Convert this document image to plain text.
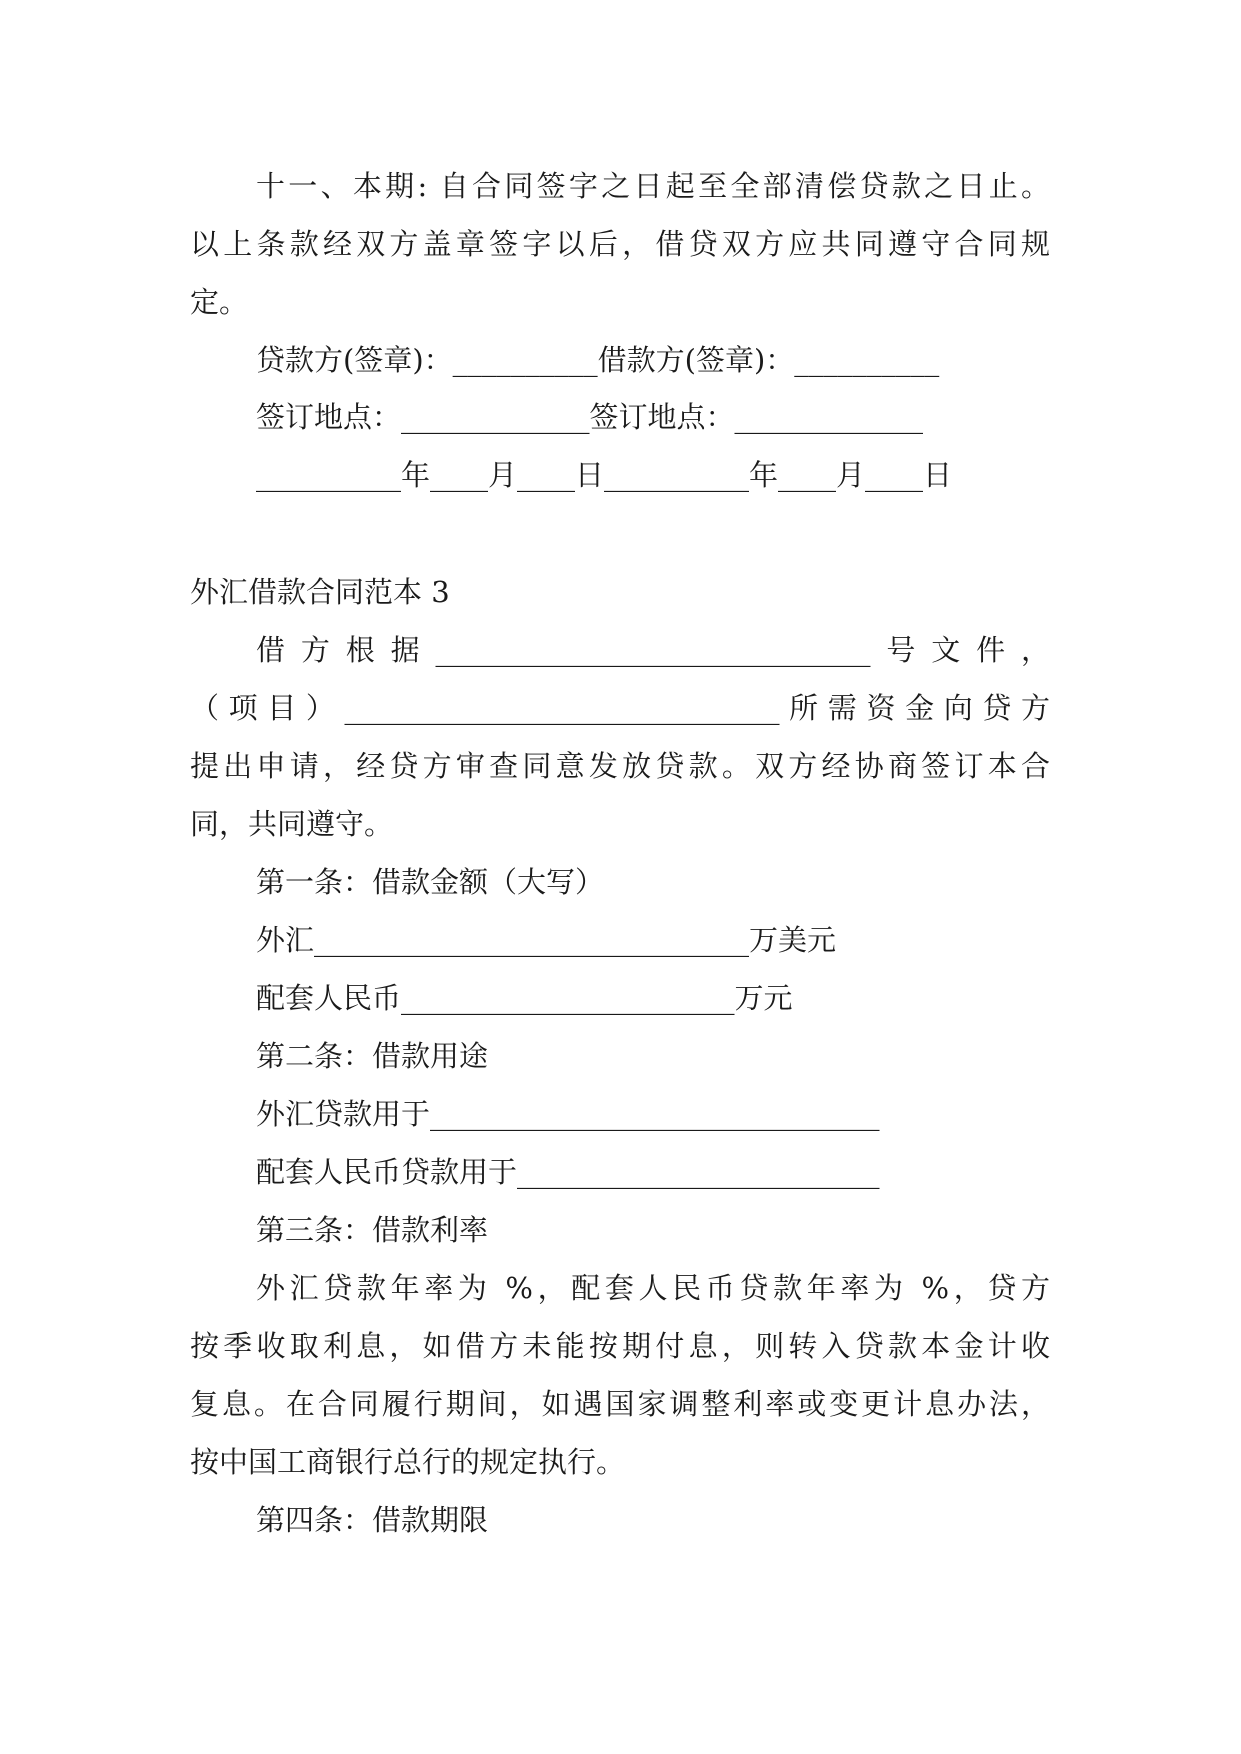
十一、本期: 自合同签字之日起至全部清偿贷款之日止。
以上条款经双方盖章签字以后，借贷双方应共同遵守合同规
定。
贷款方(签章)：__________借款方(签章)：__________
签订地点：_____________签订地点：_____________
__________年____月____日__________年____月____日
外汇借款合同范本 3
借方根据______________________________号文件，
（项目）______________________________所需资金向贷方
提出申请，经贷方审查同意发放贷款。双方经协商签订本合
同，共同遵守。
第一条：借款金额（大写）
外汇______________________________万美元
配套人民币_______________________万元
第二条：借款用途
外汇贷款用于_______________________________
配套人民币贷款用于_________________________
第三条：借款利率
外汇贷款年率为 %，配套人民币贷款年率为 %，贷方
按季收取利息，如借方未能按期付息，则转入贷款本金计收
复息。在合同履行期间，如遇国家调整利率或变更计息办法，
按中国工商银行总行的规定执行。
第四条：借款期限
